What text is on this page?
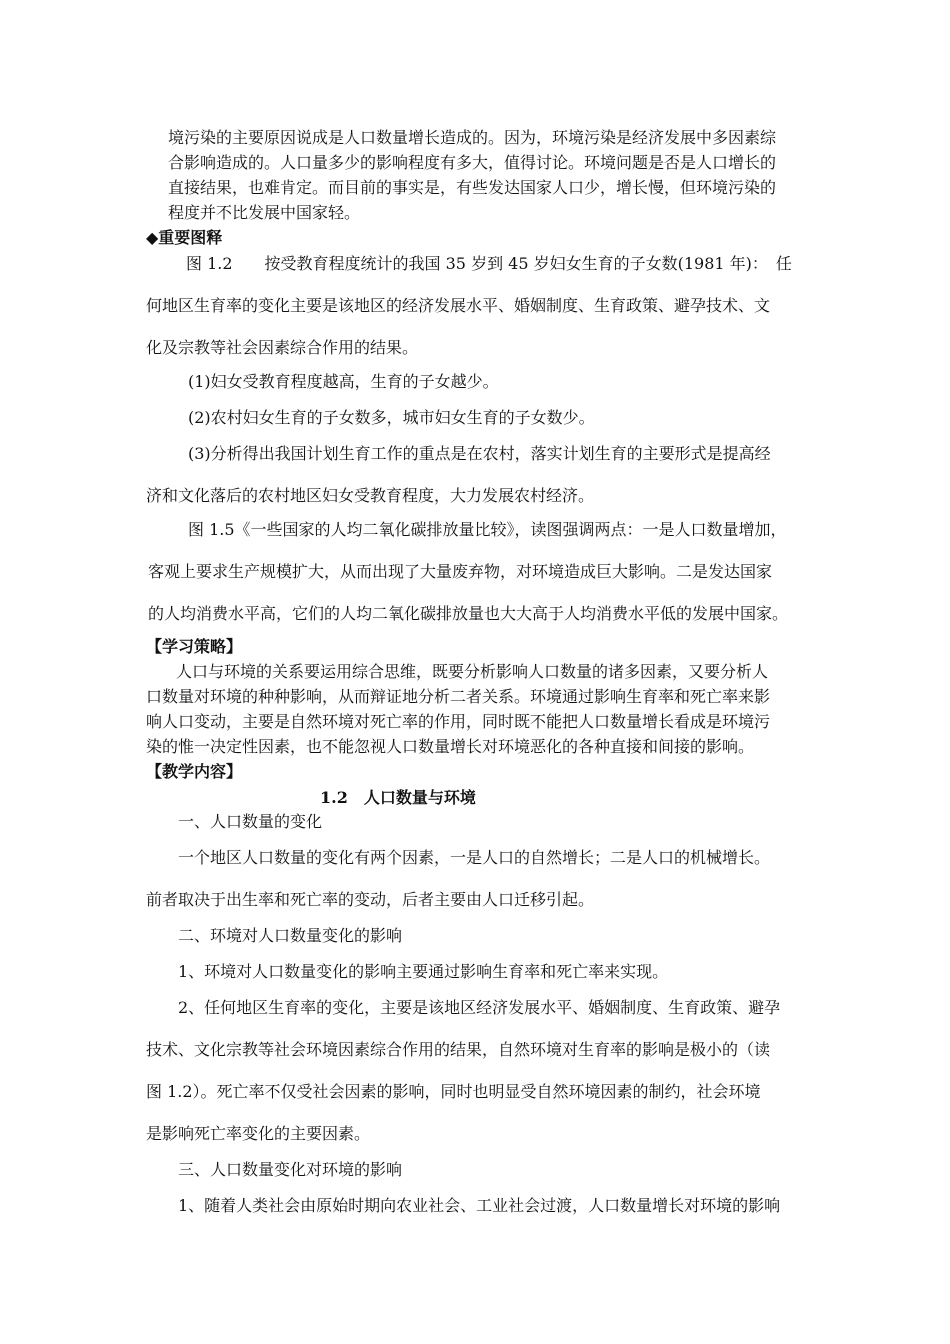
境污染的主要原因说成是人口数量增长造成的。因为，环境污染是经济发展中多因素综
合影响造成的。人口量多少的影响程度有多大，值得讨论。环境问题是否是人口增长的
直接结果，也难肯定。而目前的事实是，有些发达国家人口少，增长慢，但环境污染的
程度并不比发展中国家轻。
◆重要图释
图 1.2　　按受教育程度统计的我国 35 岁到 45 岁妇女生育的子女数(1981 年)：　任
何地区生育率的变化主要是该地区的经济发展水平、婚姻制度、生育政策、避孕技术、文
化及宗教等社会因素综合作用的结果。
(1)妇女受教育程度越高，生育的子女越少。
(2)农村妇女生育的子女数多，城市妇女生育的子女数少。
(3)分析得出我国计划生育工作的重点是在农村，落实计划生育的主要形式是提高经
济和文化落后的农村地区妇女受教育程度，大力发展农村经济。
图 1.5《一些国家的人均二氧化碳排放量比较》，读图强调两点：一是人口数量增加，
客观上要求生产规模扩大，从而出现了大量废弃物，对环境造成巨大影响。二是发达国家
的人均消费水平高，它们的人均二氧化碳排放量也大大高于人均消费水平低的发展中国家。
【学习策略】
人口与环境的关系要运用综合思维，既要分析影响人口数量的诸多因素，又要分析人
口数量对环境的种种影响，从而辩证地分析二者关系。环境通过影响生育率和死亡率来影
响人口变动，主要是自然环境对死亡率的作用，同时既不能把人口数量增长看成是环境污
染的惟一决定性因素，也不能忽视人口数量增长对环境恶化的各种直接和间接的影响。
【教学内容】
1.2　人口数量与环境
一、人口数量的变化
一个地区人口数量的变化有两个因素，一是人口的自然增长；二是人口的机械增长。
前者取决于出生率和死亡率的变动，后者主要由人口迁移引起。
二、环境对人口数量变化的影响
1、环境对人口数量变化的影响主要通过影响生育率和死亡率来实现。
2、任何地区生育率的变化，主要是该地区经济发展水平、婚姻制度、生育政策、避孕
技术、文化宗教等社会环境因素综合作用的结果，自然环境对生育率的影响是极小的（读
图 1.2）。死亡率不仅受社会因素的影响，同时也明显受自然环境因素的制约，社会环境
是影响死亡率变化的主要因素。
三、人口数量变化对环境的影响
1、随着人类社会由原始时期向农业社会、工业社会过渡，人口数量增长对环境的影响
